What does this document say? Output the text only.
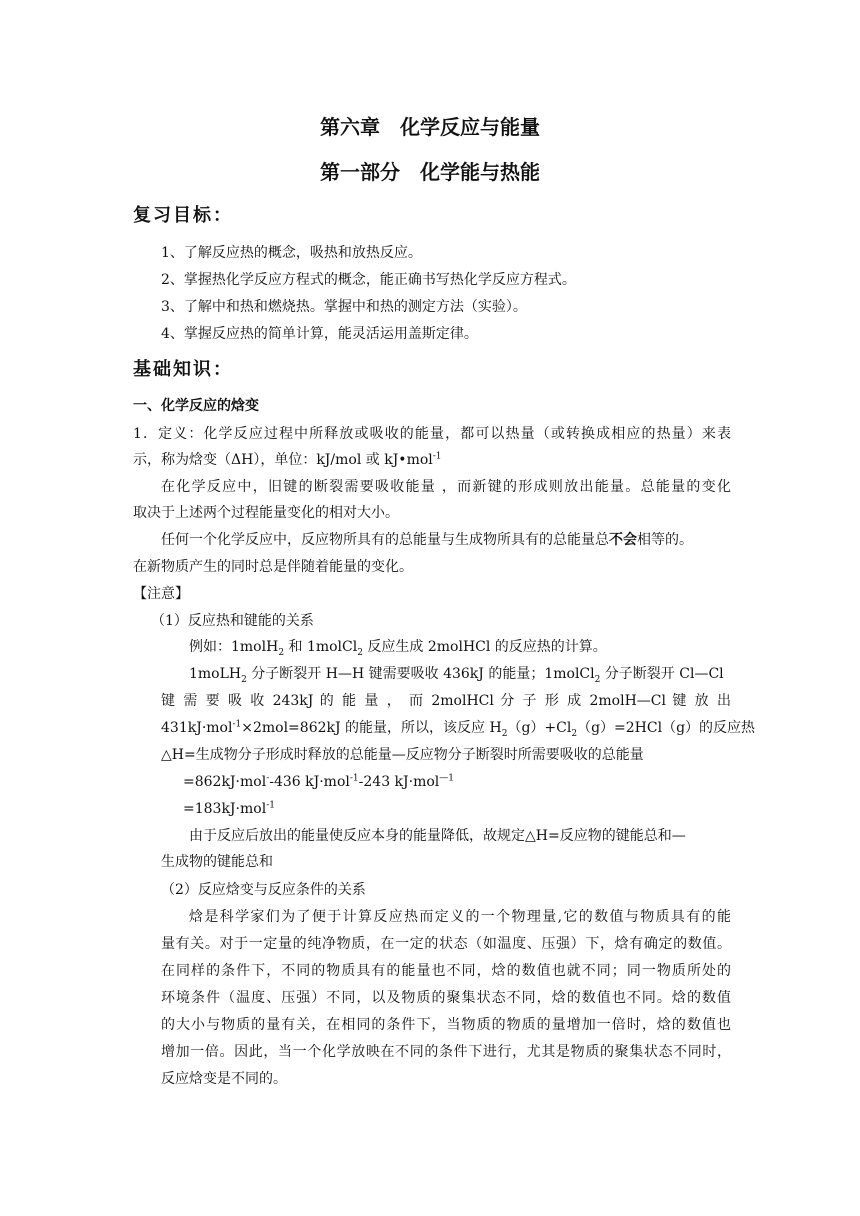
第六章　化学反应与能量
第一部分　化学能与热能
复习目标：
1、了解反应热的概念，吸热和放热反应。
2、掌握热化学反应方程式的概念，能正确书写热化学反应方程式。
3、了解中和热和燃烧热。掌握中和热的测定方法（实验）。
4、掌握反应热的简单计算，能灵活运用盖斯定律。
基础知识：
一、化学反应的焓变
1．定义：化学反应过程中所释放或吸收的能量，都可以热量（或转换成相应的热量）来表
示，称为焓变（ΔH），单位：kJ/mol 或 kJ•mol$^{-1}$
在化学反应中，旧键的断裂需要吸收能量 ，而新键的形成则放出能量。总能量的变化
取决于上述两个过程能量变化的相对大小。
任何一个化学反应中，反应物所具有的总能量与生成物所具有的总能量总不会相等的。
在新物质产生的同时总是伴随着能量的变化。
【注意】
（1）反应热和键能的关系
例如：1molH$_2$ 和 1molCl$_2$ 反应生成 2molHCl 的反应热的计算。
1moLH$_2$ 分子断裂开 H—H 键需要吸收 436kJ 的能量；1molCl$_2$ 分子断裂开 Cl—Cl
键 需 要 吸 收 243kJ 的 能 量 ， 而 2molHCl 分 子 形 成 2molH—Cl 键 放 出
431kJ·mol$^{-1}$×2mol=862kJ 的能量，所以，该反应 $H_2(g)+Cl_2(g)=2HCl(g)$的反应热
△H=生成物分子形成时释放的总能量—反应物分子断裂时所需要吸收的总能量
=862kJ·mol--436 kJ·mol$^{-1}$-243 kJ·mol$^{—1}$
=183kJ·mol$^{-1}$
由于反应后放出的能量使反应本身的能量降低，故规定△H=反应物的键能总和—
生成物的键能总和
（2）反应焓变与反应条件的关系
焓是科学家们为了便于计算反应热而定义的一个物理量,它的数值与物质具有的能
量有关。对于一定量的纯净物质，在一定的状态（如温度、压强）下，焓有确定的数值。
在同样的条件下，不同的物质具有的能量也不同，焓的数值也就不同；同一物质所处的
环境条件（温度、压强）不同，以及物质的聚集状态不同，焓的数值也不同。焓的数值
的大小与物质的量有关，在相同的条件下，当物质的物质的量增加一倍时，焓的数值也
增加一倍。因此，当一个化学放映在不同的条件下进行，尤其是物质的聚集状态不同时，
反应焓变是不同的。
